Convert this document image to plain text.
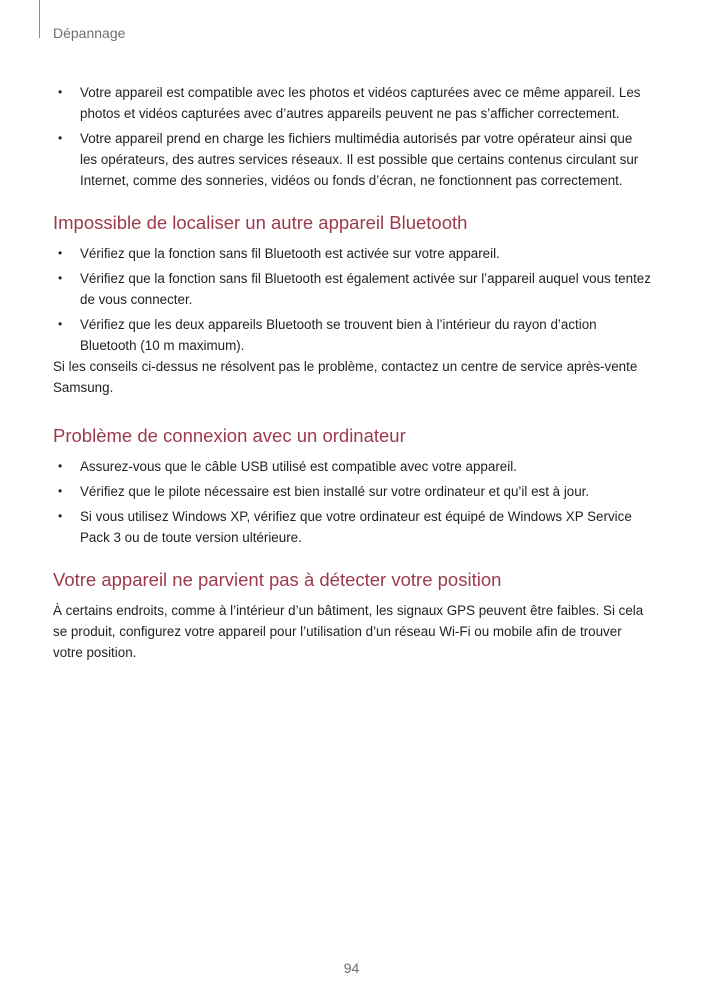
Dépannage
• Votre appareil est compatible avec les photos et vidéos capturées avec ce même appareil. Les photos et vidéos capturées avec d’autres appareils peuvent ne pas s’afficher correctement.
• Votre appareil prend en charge les fichiers multimédia autorisés par votre opérateur ainsi que les opérateurs, des autres services réseaux. Il est possible que certains contenus circulant sur Internet, comme des sonneries, vidéos ou fonds d’écran, ne fonctionnent pas correctement.
Impossible de localiser un autre appareil Bluetooth
• Vérifiez que la fonction sans fil Bluetooth est activée sur votre appareil.
• Vérifiez que la fonction sans fil Bluetooth est également activée sur l’appareil auquel vous tentez de vous connecter.
• Vérifiez que les deux appareils Bluetooth se trouvent bien à l’intérieur du rayon d’action Bluetooth (10 m maximum).

Si les conseils ci-dessus ne résolvent pas le problème, contactez un centre de service après-vente Samsung.

Problème de connexion avec un ordinateur
• Assurez-vous que le câble USB utilisé est compatible avec votre appareil.
• Vérifiez que le pilote nécessaire est bien installé sur votre ordinateur et qu’il est à jour.
• Si vous utilisez Windows XP, vérifiez que votre ordinateur est équipé de Windows XP Service Pack 3 ou de toute version ultérieure.
Votre appareil ne parvient pas à détecter votre position

À certains endroits, comme à l’intérieur d’un bâtiment, les signaux GPS peuvent être faibles. Si cela se produit, configurez votre appareil pour l’utilisation d’un réseau Wi-Fi ou mobile afin de trouver votre position.

94
